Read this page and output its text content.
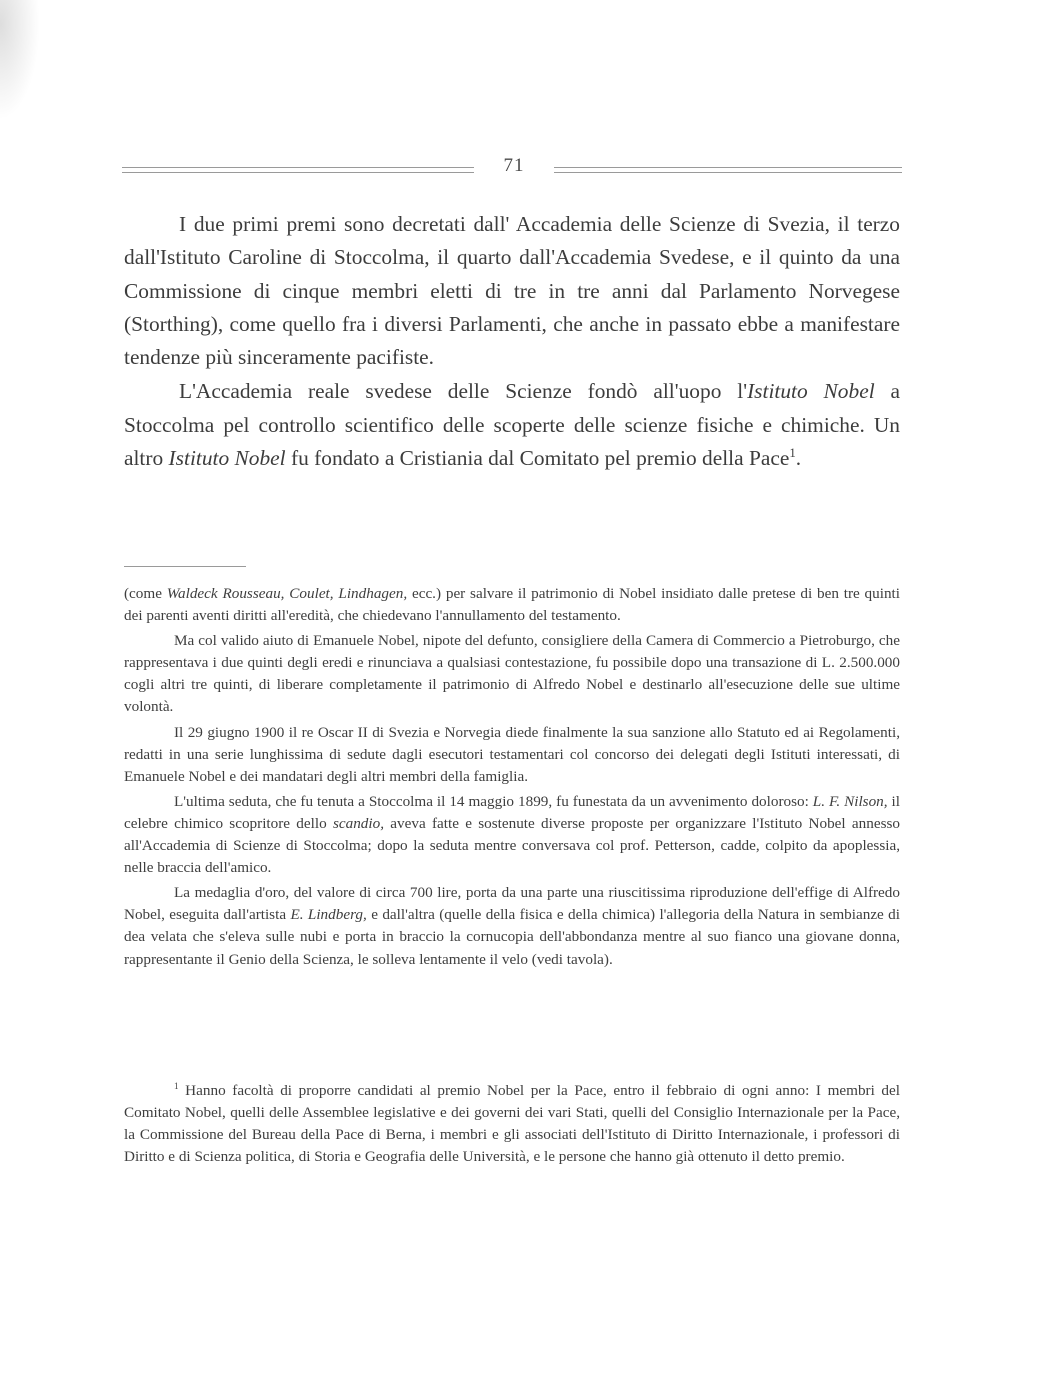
71

I due primi premi sono decretati dall' Accademia delle Scienze di Svezia, il terzo dall'Istituto Caroline di Stoccolma, il quarto dall'Accademia Svedese, e il quinto da una Commissione di cinque membri eletti di tre in tre anni dal Parlamento Norvegese (Storthing), come quello fra i diversi Parlamenti, che anche in passato ebbe a manifestare tendenze più sinceramente pacifiste.

L'Accademia reale svedese delle Scienze fondò all'uopo l'Istituto Nobel a Stoccolma pel controllo scientifico delle scoperte delle scienze fisiche e chimiche. Un altro Istituto Nobel fu fondato a Cristiania dal Comitato pel premio della Pace$^1$.

(come Waldeck Rousseau, Coulet, Lindhagen, ecc.) per salvare il patrimonio di Nobel insidiato dalle pretese di ben tre quinti dei parenti aventi diritti all'eredità, che chiedevano l'annullamento del testamento.

Ma col valido aiuto di Emanuele Nobel, nipote del defunto, consigliere della Camera di Commercio a Pietroburgo, che rappresentava i due quinti degli eredi e rinunciava a qualsiasi contestazione, fu possibile dopo una transazione di L. 2.500.000 cogli altri tre quinti, di liberare completamente il patrimonio di Alfredo Nobel e destinarlo all'esecuzione delle sue ultime volontà.

Il 29 giugno 1900 il re Oscar II di Svezia e Norvegia diede finalmente la sua sanzione allo Statuto ed ai Regolamenti, redatti in una serie lunghissima di sedute dagli esecutori testamentari col concorso dei delegati degli Istituti interessati, di Emanuele Nobel e dei mandatari degli altri membri della famiglia.

L'ultima seduta, che fu tenuta a Stoccolma il 14 maggio 1899, fu funestata da un avvenimento doloroso: L. F. Nilson, il celebre chimico scopritore dello scandio, aveva fatte e sostenute diverse proposte per organizzare l'Istituto Nobel annesso all'Accademia di Scienze di Stoccolma; dopo la seduta mentre conversava col prof. Petterson, cadde, colpito da apoplessia, nelle braccia dell'amico.

La medaglia d'oro, del valore di circa 700 lire, porta da una parte una riuscitissima riproduzione dell'effige di Alfredo Nobel, eseguita dall'artista E. Lindberg, e dall'altra (quelle della fisica e della chimica) l'allegoria della Natura in sembianze di dea velata che s'eleva sulle nubi e porta in braccio la cornucopia dell'abbondanza mentre al suo fianco una giovane donna, rappresentante il Genio della Scienza, le solleva lentamente il velo (vedi tavola).

$^1$ Hanno facoltà di proporre candidati al premio Nobel per la Pace, entro il febbraio di ogni anno: I membri del Comitato Nobel, quelli delle Assemblee legislative e dei governi dei vari Stati, quelli del Consiglio Internazionale per la Pace, la Commissione del Bureau della Pace di Berna, i membri e gli associati dell'Istituto di Diritto Internazionale, i professori di Diritto e di Scienza politica, di Storia e Geografia delle Università, e le persone che hanno già ottenuto il detto premio.
